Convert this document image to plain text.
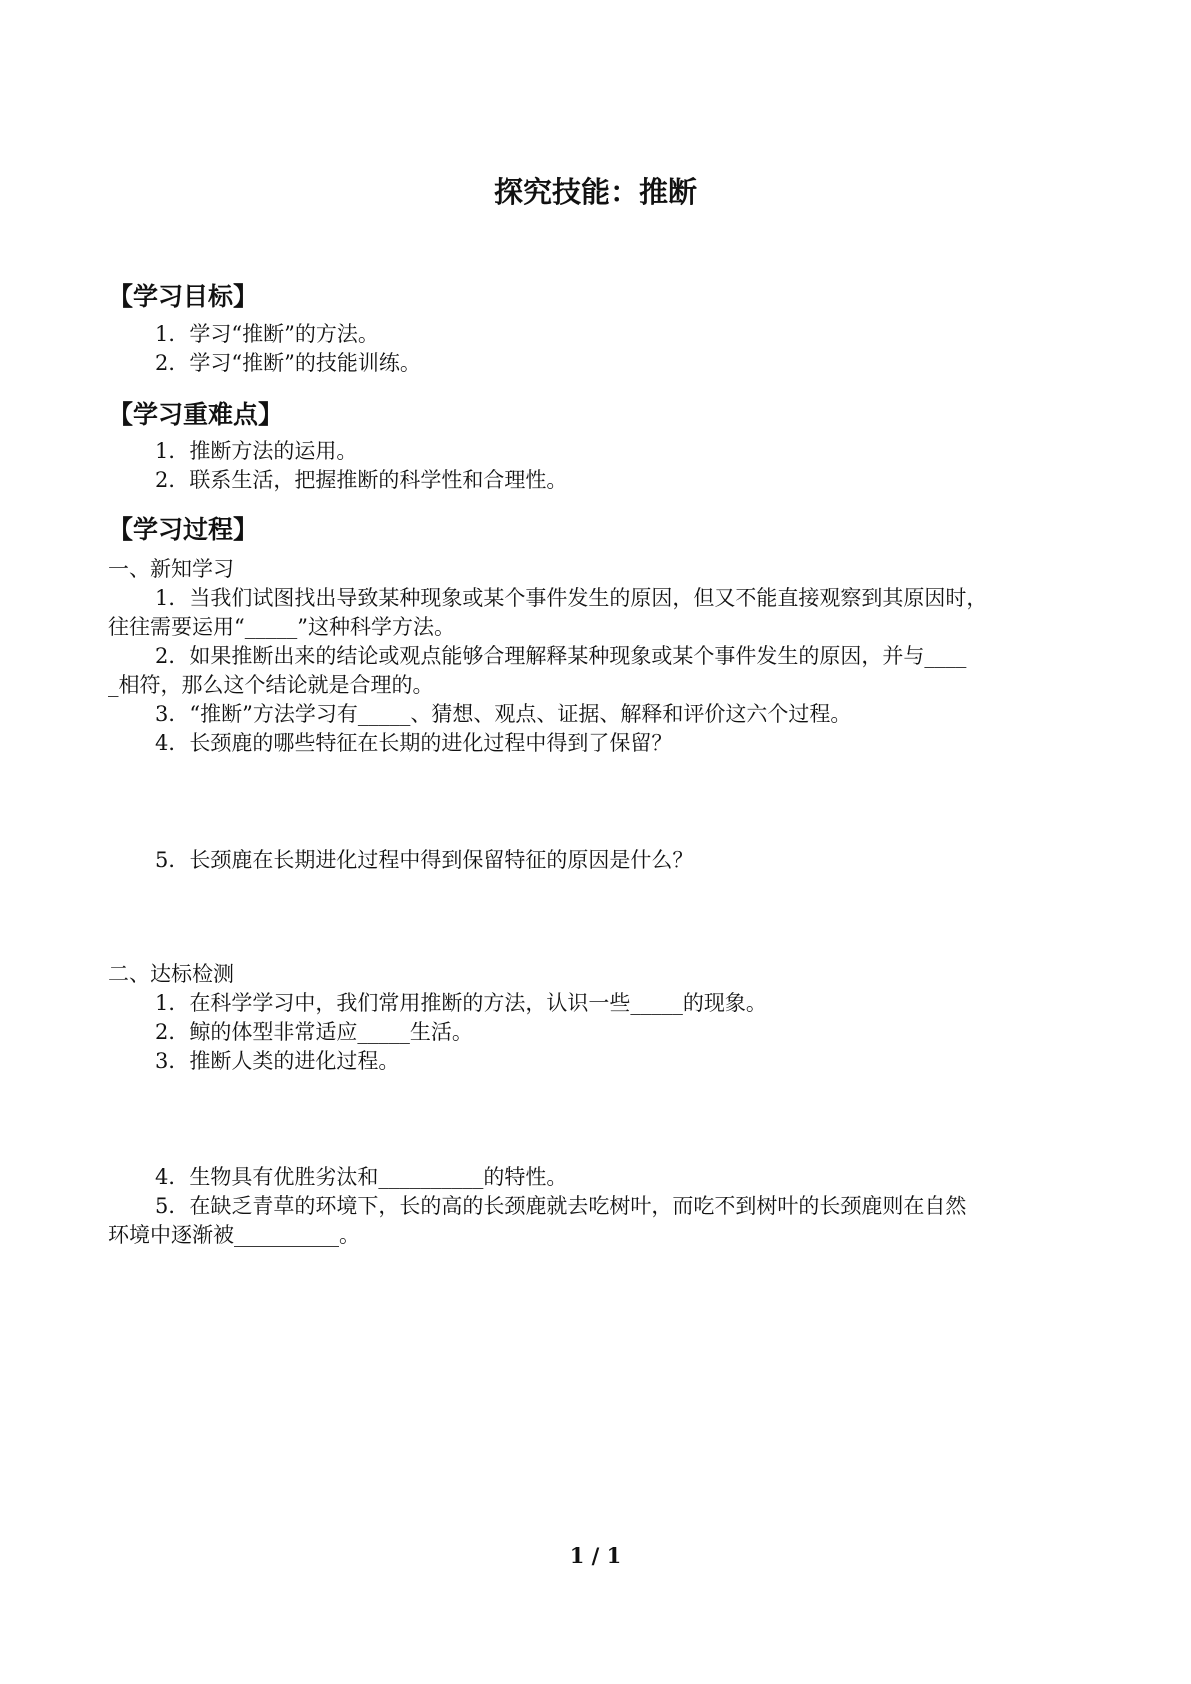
探究技能：推断
【学习目标】
1．学习“推断”的方法。
2．学习“推断”的技能训练。
【学习重难点】
1．推断方法的运用。
2．联系生活，把握推断的科学性和合理性。
【学习过程】
一、新知学习
1．当我们试图找出导致某种现象或某个事件发生的原因，但又不能直接观察到其原因时，
往往需要运用“_____”这种科学方法。
2．如果推断出来的结论或观点能够合理解释某种现象或某个事件发生的原因，并与____
_相符，那么这个结论就是合理的。
3．“推断”方法学习有_____、猜想、观点、证据、解释和评价这六个过程。
4．长颈鹿的哪些特征在长期的进化过程中得到了保留？
5．长颈鹿在长期进化过程中得到保留特征的原因是什么？
二、达标检测
1．在科学学习中，我们常用推断的方法，认识一些_____的现象。
2．鲸的体型非常适应_____生活。
3．推断人类的进化过程。
4．生物具有优胜劣汰和__________的特性。
5．在缺乏青草的环境下，长的高的长颈鹿就去吃树叶，而吃不到树叶的长颈鹿则在自然
环境中逐渐被__________。
1 / 1
